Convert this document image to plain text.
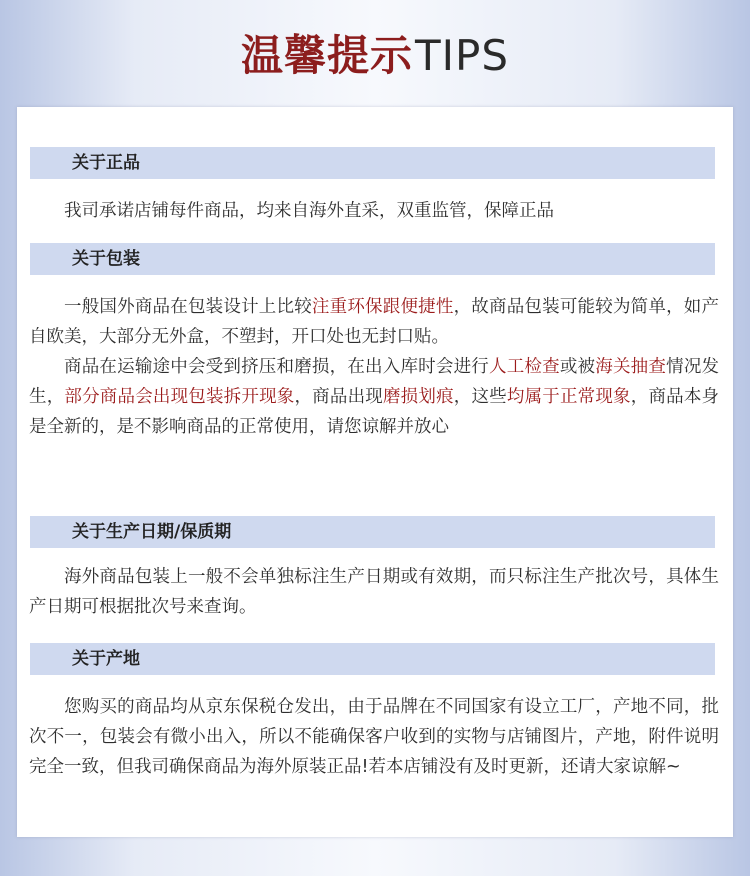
温馨提示TIPS
关于正品

我司承诺店铺每件商品，均来自海外直采，双重监管，保障正品

关于包装

一般国外商品在包装设计上比较注重环保跟便捷性，故商品包装可能较为简单，如产自欧美，大部分无外盒，不塑封，开口处也无封口贴。

商品在运输途中会受到挤压和磨损，在出入库时会进行人工检查或被海关抽查情况发生，部分商品会出现包装拆开现象，商品出现磨损划痕，这些均属于正常现象，商品本身是全新的，是不影响商品的正常使用，请您谅解并放心

关于生产日期/保质期

海外商品包装上一般不会单独标注生产日期或有效期，而只标注生产批次号，具体生产日期可根据批次号来查询。

关于产地

您购买的商品均从京东保税仓发出，由于品牌在不同国家有设立工厂，产地不同，批次不一，包装会有微小出入，所以不能确保客户收到的实物与店铺图片，产地，附件说明完全一致，但我司确保商品为海外原装正品!若本店铺没有及时更新，还请大家谅解~
